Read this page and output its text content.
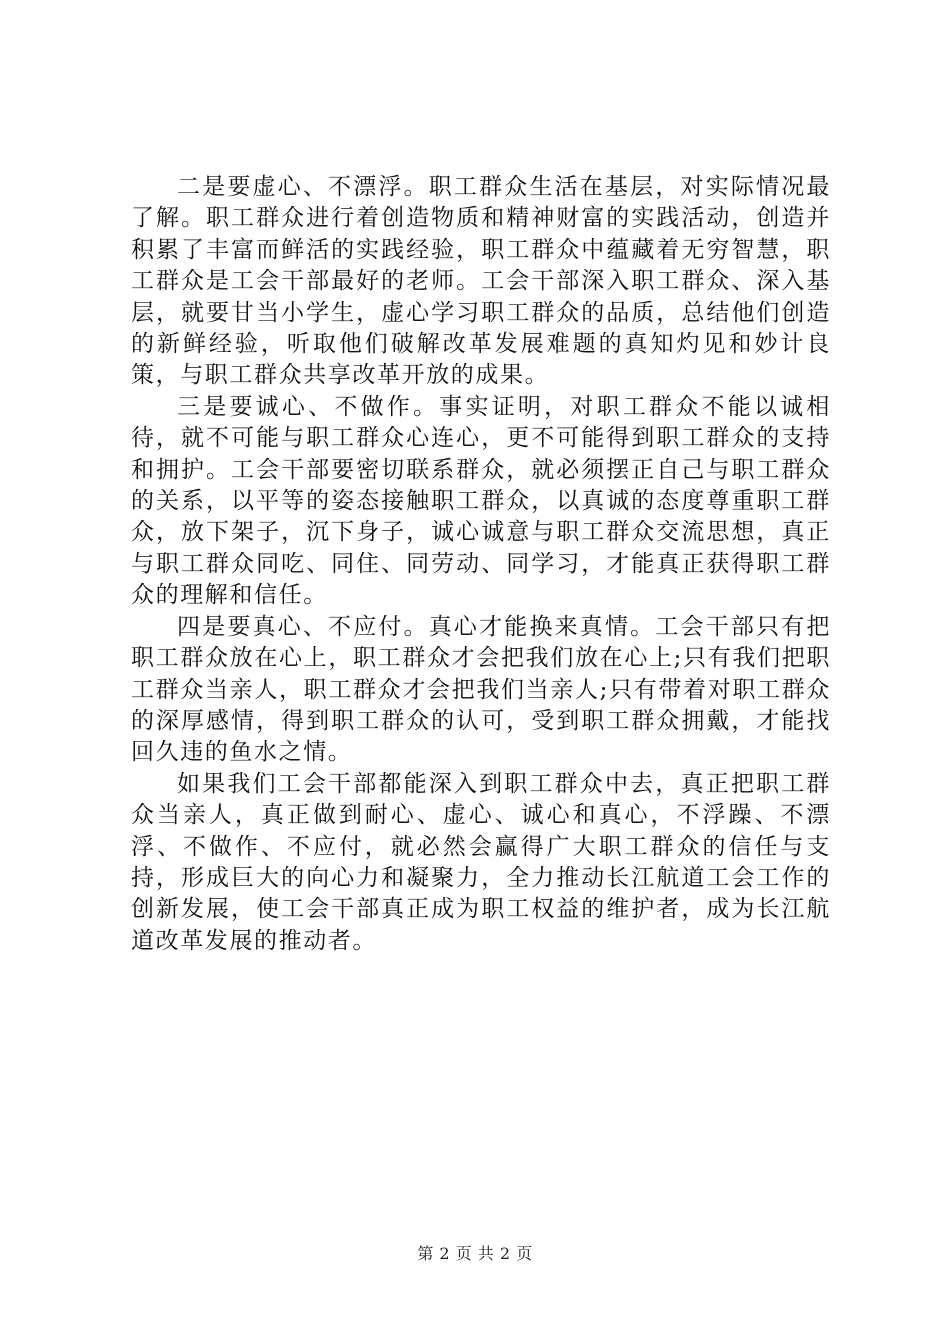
二是要虚心、不漂浮。职工群众生活在基层，对实际情况最了解。职工群众进行着创造物质和精神财富的实践活动，创造并积累了丰富而鲜活的实践经验，职工群众中蕴藏着无穷智慧，职工群众是工会干部最好的老师。工会干部深入职工群众、深入基层，就要甘当小学生，虚心学习职工群众的品质，总结他们创造的新鲜经验，听取他们破解改革发展难题的真知灼见和妙计良策，与职工群众共享改革开放的成果。

三是要诚心、不做作。事实证明，对职工群众不能以诚相待，就不可能与职工群众心连心，更不可能得到职工群众的支持和拥护。工会干部要密切联系群众，就必须摆正自己与职工群众的关系，以平等的姿态接触职工群众，以真诚的态度尊重职工群众，放下架子，沉下身子，诚心诚意与职工群众交流思想，真正与职工群众同吃、同住、同劳动、同学习，才能真正获得职工群众的理解和信任。

四是要真心、不应付。真心才能换来真情。工会干部只有把职工群众放在心上，职工群众才会把我们放在心上;只有我们把职工群众当亲人，职工群众才会把我们当亲人;只有带着对职工群众的深厚感情，得到职工群众的认可，受到职工群众拥戴，才能找回久违的鱼水之情。

如果我们工会干部都能深入到职工群众中去，真正把职工群众当亲人，真正做到耐心、虚心、诚心和真心，不浮躁、不漂浮、不做作、不应付，就必然会赢得广大职工群众的信任与支持，形成巨大的向心力和凝聚力，全力推动长江航道工会工作的创新发展，使工会干部真正成为职工权益的维护者，成为长江航道改革发展的推动者。

第 2 页 共 2 页
